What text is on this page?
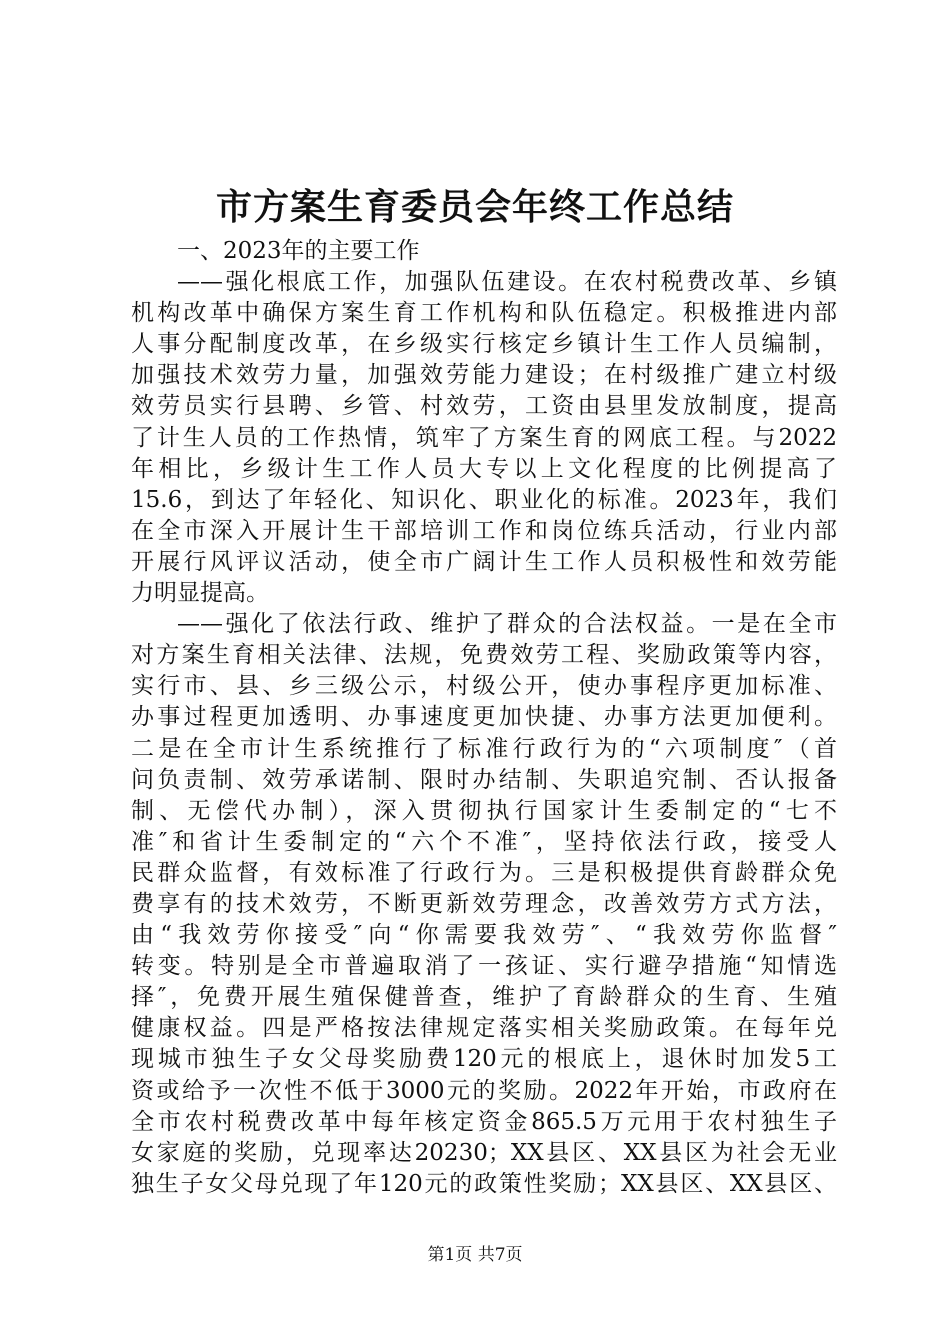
市方案生育委员会年终工作总结
一、2023年的主要工作
——强化根底工作，加强队伍建设。在农村税费改革、乡镇
机构改革中确保方案生育工作机构和队伍稳定。积极推进内部
人事分配制度改革，在乡级实行核定乡镇计生工作人员编制，
加强技术效劳力量，加强效劳能力建设；在村级推广建立村级
效劳员实行县聘、乡管、村效劳，工资由县里发放制度，提高
了计生人员的工作热情，筑牢了方案生育的网底工程。与2022
年相比，乡级计生工作人员大专以上文化程度的比例提高了
15.6，到达了年轻化、知识化、职业化的标准。2023年，我们
在全市深入开展计生干部培训工作和岗位练兵活动，行业内部
开展行风评议活动，使全市广阔计生工作人员积极性和效劳能
力明显提高。
——强化了依法行政、维护了群众的合法权益。一是在全市
对方案生育相关法律、法规，免费效劳工程、奖励政策等内容，
实行市、县、乡三级公示，村级公开，使办事程序更加标准、
办事过程更加透明、办事速度更加快捷、办事方法更加便利。
二是在全市计生系统推行了标准行政行为的“六项制度″（首
问负责制、效劳承诺制、限时办结制、失职追究制、否认报备
制、无偿代办制），深入贯彻执行国家计生委制定的“七不
准″和省计生委制定的“六个不准″，坚持依法行政，接受人
民群众监督，有效标准了行政行为。三是积极提供育龄群众免
费享有的技术效劳，不断更新效劳理念，改善效劳方式方法，
由“我效劳你接受″向“你需要我效劳″、“我效劳你监督″
转变。特别是全市普遍取消了一孩证、实行避孕措施“知情选
择″，免费开展生殖保健普查，维护了育龄群众的生育、生殖
健康权益。四是严格按法律规定落实相关奖励政策。在每年兑
现城市独生子女父母奖励费120元的根底上，退休时加发5工
资或给予一次性不低于3000元的奖励。2022年开始，市政府在
全市农村税费改革中每年核定资金865.5万元用于农村独生子
女家庭的奖励，兑现率达20230；XX县区、XX县区为社会无业
独生子女父母兑现了年120元的政策性奖励；XX县区、XX县区、
第1页 共7页
